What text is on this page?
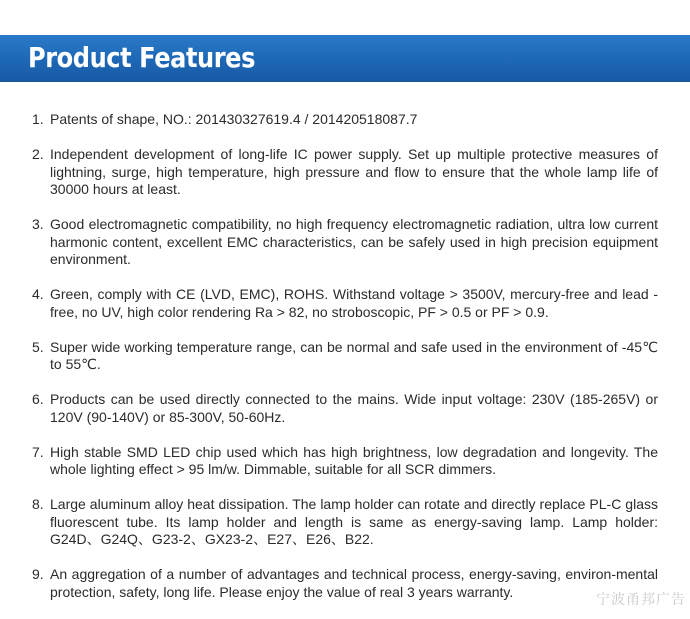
Product Features
1. Patents of shape, NO.: 201430327619.4 / 201420518087.7
2. Independent development of long-life IC power supply. Set up multiple protective measures of lightning, surge, high temperature, high pressure and flow to ensure that the whole lamp life of 30000 hours at least.
3. Good electromagnetic compatibility, no high frequency electromagnetic radiation, ultra low current harmonic content, excellent EMC characteristics, can be safely used in high precision equipment environment.
4. Green, comply with CE (LVD, EMC), ROHS. Withstand voltage > 3500V, mercury-free and lead -free, no UV, high color rendering Ra > 82, no stroboscopic, PF > 0.5 or PF > 0.9.
5. Super wide working temperature range, can be normal and safe used in the environment of -45℃ to 55℃.
6. Products can be used directly connected to the mains. Wide input voltage: 230V (185-265V) or 120V (90-140V) or 85-300V, 50-60Hz.
7. High stable SMD LED chip used which has high brightness, low degradation and longevity. The whole lighting effect > 95 lm/w. Dimmable, suitable for all SCR dimmers.
8. Large aluminum alloy heat dissipation. The lamp holder can rotate and directly replace PL-C glass fluorescent tube. Its lamp holder and length is same as energy-saving lamp. Lamp holder: G24D、G24Q、G23-2、GX23-2、E27、E26、B22.
9. An aggregation of a number of advantages and technical process, energy-saving, environ-mental protection, safety, long life. Please enjoy the value of real 3 years warranty.
宁波甬邦广告
